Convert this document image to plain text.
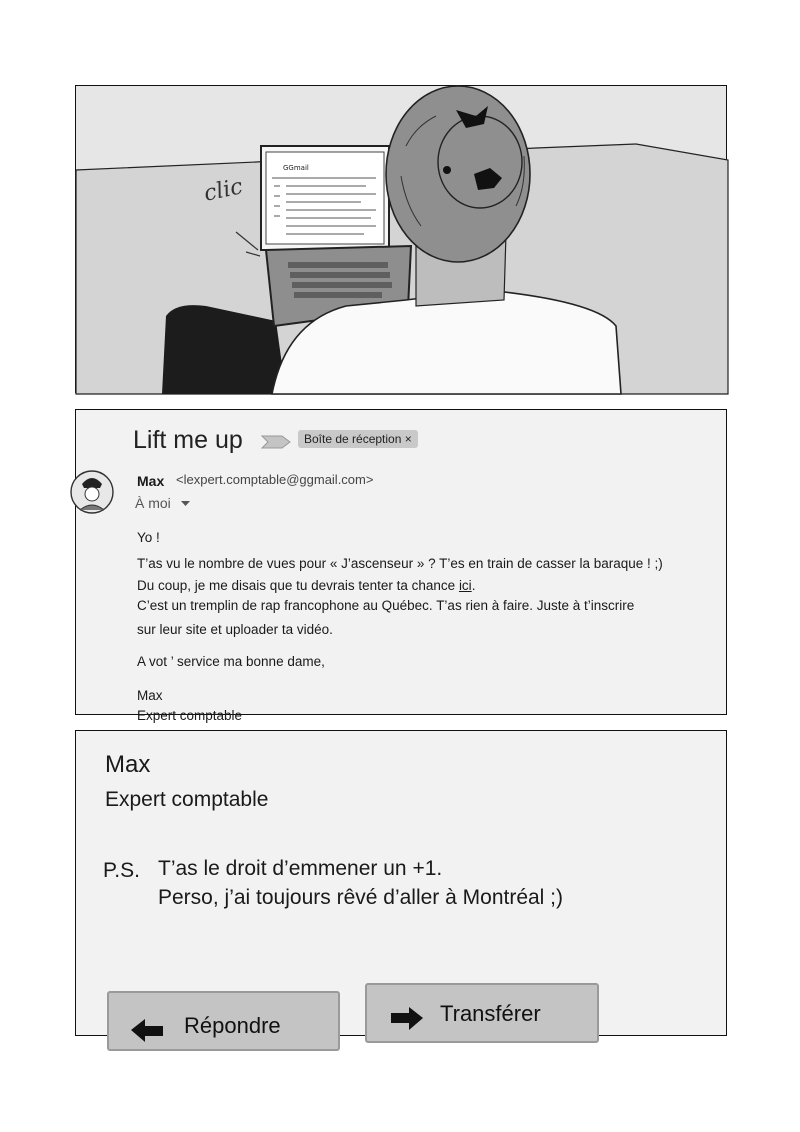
clic
GGmail
Lift me up	Boîte de réception ×
Max <lexpert.comptable@ggmail.com>
À moi
Yo !
T’as vu le nombre de vues pour « J’ascenseur » ? T’es en train de casser la baraque ! ;)
Du coup, je me disais que tu devrais tenter ta chance ici.
C’est un tremplin de rap francophone au Québec. T’as rien à faire. Juste à t’inscrire
sur leur site et uploader ta vidéo.
A vot ’ service ma bonne dame,
Max
Expert comptable
Max
Expert comptable
P.S. T’as le droit d’emmener un +1.
Perso, j’ai toujours rêvé d’aller à Montréal ;)
Répondre	Transférer
